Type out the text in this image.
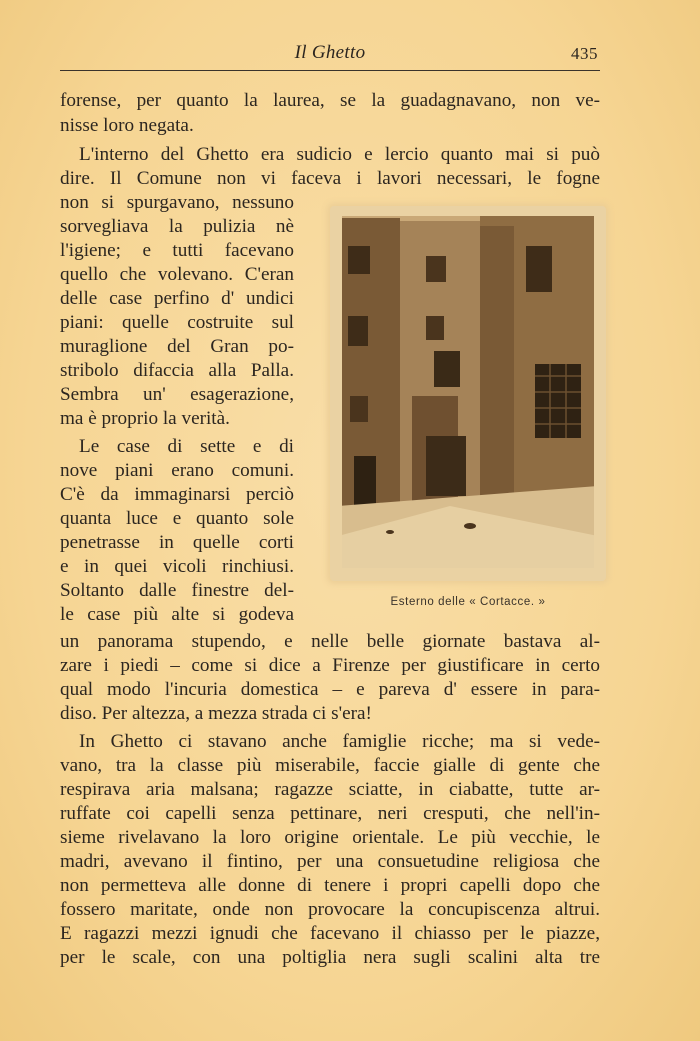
Il Ghetto	435
forense, per quanto la laurea, se la guadagnavano, non ve-
nisse loro negata.
L'interno del Ghetto era sudicio e lercio quanto mai si può
dire. Il Comune non vi faceva i lavori necessari, le fogne
non si spurgavano, nessuno
sorvegliava la pulizia nè
l'igiene; e tutti facevano
quello che volevano. C'eran
delle case perfino d' undici
piani: quelle costruite sul
muraglione del Gran po-
stribolo difaccia alla Palla.
Sembra un' esagerazione,
ma è proprio la verità.
Le case di sette e di
nove piani erano comuni.
C'è da immaginarsi perciò
quanta luce e quanto sole
penetrasse in quelle corti
e in quei vicoli rinchiusi.
Soltanto dalle finestre del-
le case più alte si godeva
un panorama stupendo, e nelle belle giornate bastava al-
zare i piedi – come si dice a Firenze per giustificare in certo
qual modo l'incuria domestica – e pareva d' essere in para-
diso. Per altezza, a mezza strada ci s'era!
In Ghetto ci stavano anche famiglie ricche; ma si vede-
vano, tra la classe più miserabile, faccie gialle di gente che
respirava aria malsana; ragazze sciatte, in ciabatte, tutte ar-
ruffate coi capelli senza pettinare, neri cresputi, che nell'in-
sieme rivelavano la loro origine orientale. Le più vecchie, le
madri, avevano il fintino, per una consuetudine religiosa che
non permetteva alle donne di tenere i propri capelli dopo che
fossero maritate, onde non provocare la concupiscenza altrui.
E ragazzi mezzi ignudi che facevano il chiasso per le piazze,
per le scale, con una poltiglia nera sugli scalini alta tre
Esterno delle « Cortacce. »
